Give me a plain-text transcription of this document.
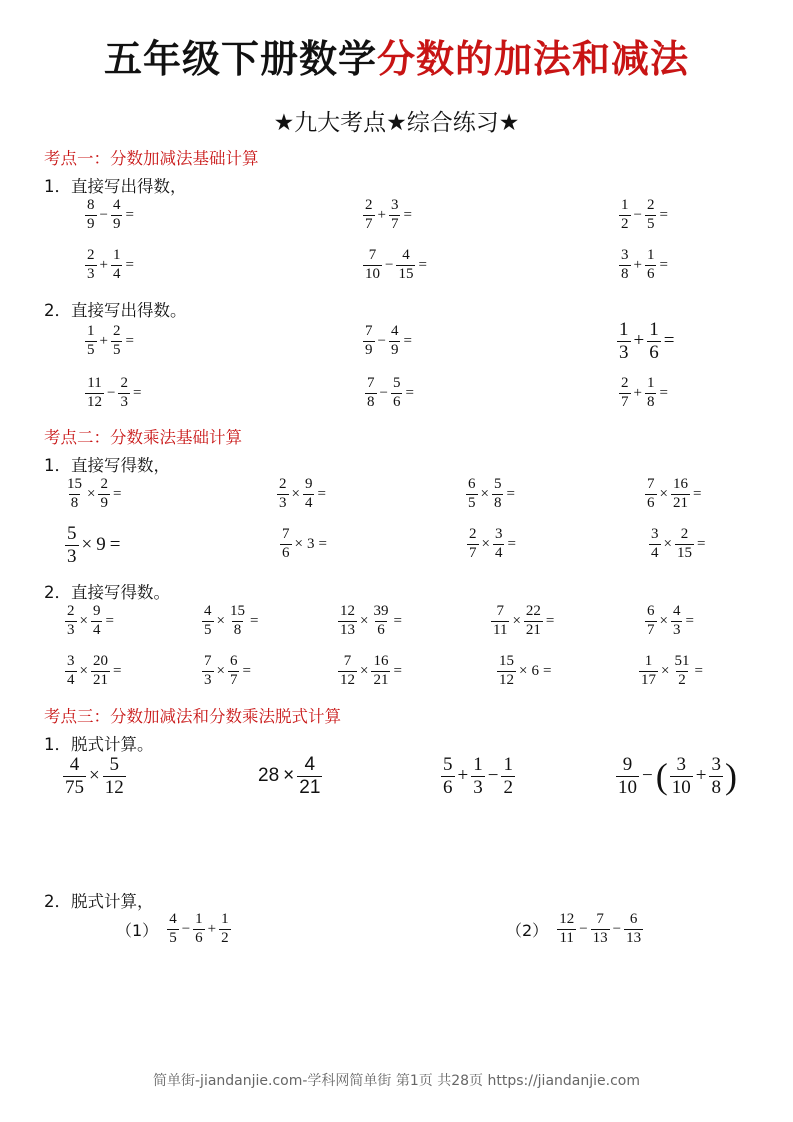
五年级下册数学分数的加法和减法
★九大考点★综合练习★
考点一：分数加减法基础计算
1．直接写出得数，
$\frac{8}{9} - \frac{4}{9}$ =	$\frac{2}{7} + \frac{3}{7}$ =	$\frac{1}{2} - \frac{2}{5}$ =
$\frac{2}{3} + \frac{1}{4}$ =	$\frac{7}{10} - \frac{4}{15}$ =	$\frac{3}{8} + \frac{1}{6}$ =
2．直接写出得数。
$\frac{1}{5} + \frac{2}{5}$ =	$\frac{7}{9} - \frac{4}{9}$ =	$\frac{1}{3} + \frac{1}{6}$ =
$\frac{11}{12} - \frac{2}{3}$ =	$\frac{7}{8} - \frac{5}{6}$ =	$\frac{2}{7} + \frac{1}{8}$ =
考点二：分数乘法基础计算
1．直接写得数，
$\frac{15}{8} \times \frac{2}{9}$ =	$\frac{2}{3} \times \frac{9}{4}$ =	$\frac{6}{5} \times \frac{5}{8}$ =	$\frac{7}{6} \times \frac{16}{21}$ =
$\frac{5}{3} \times 9$ =	$\frac{7}{6} \times 3$ =	$\frac{2}{7} \times \frac{3}{4}$ =	$\frac{3}{4} \times \frac{2}{15}$ =
2．直接写得数。
$\frac{2}{3} \times \frac{9}{4}$ =	$\frac{4}{5} \times \frac{15}{8}$ =	$\frac{12}{13} \times \frac{39}{6}$ =	$\frac{7}{11} \times \frac{22}{21}$ =	$\frac{6}{7} \times \frac{4}{3}$ =
$\frac{3}{4} \times \frac{20}{21}$ =	$\frac{7}{3} \times \frac{6}{7}$ =	$\frac{7}{12} \times \frac{16}{21}$ =	$\frac{15}{12} \times 6$ =	$\frac{1}{17} \times \frac{51}{2}$ =
考点三：分数加减法和分数乘法脱式计算
1．脱式计算。
$\frac{4}{75} \times \frac{5}{12}$	$28 \times \frac{4}{21}$	$\frac{5}{6} + \frac{1}{3} - \frac{1}{2}$	$\frac{9}{10}$ − ( $\frac{3}{10} + \frac{3}{8}$ )
2．脱式计算，
$(1) \frac{4}{5} - \frac{1}{6} + \frac{1}{2}$	$(2) \frac{12}{11} - \frac{7}{13} - \frac{6}{13}$
简单街-jiandanjie.com-学科网简单街 第1页 共28页 https://jiandanjie.com
